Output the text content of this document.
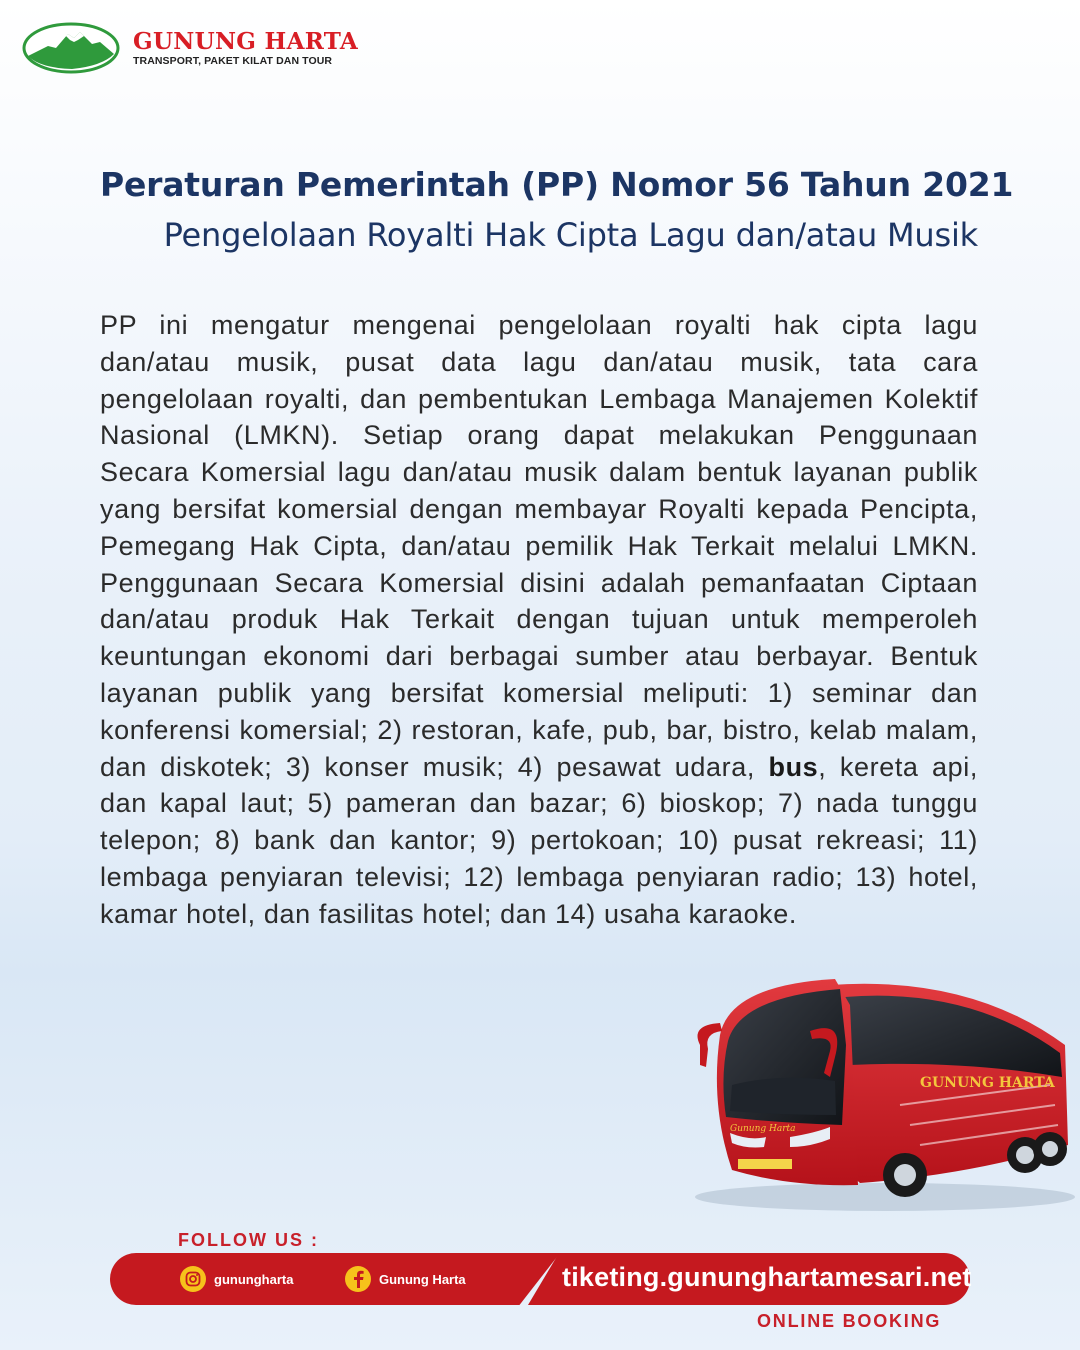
GUNUNG HARTA
TRANSPORT, PAKET KILAT DAN TOUR
Peraturan Pemerintah (PP) Nomor 56 Tahun 2021
Pengelolaan Royalti Hak Cipta Lagu dan/atau Musik

PP ini mengatur mengenai pengelolaan royalti hak cipta lagu dan/atau musik, pusat data lagu dan/atau musik, tata cara pengelolaan royalti, dan pembentukan Lembaga Manajemen Kolektif Nasional (LMKN). Setiap orang dapat melakukan Penggunaan Secara Komersial lagu dan/atau musik dalam bentuk layanan publik yang bersifat komersial dengan membayar Royalti kepada Pencipta, Pemegang Hak Cipta, dan/atau pemilik Hak Terkait melalui LMKN. Penggunaan Secara Komersial disini adalah pemanfaatan Ciptaan dan/atau produk Hak Terkait dengan tujuan untuk memperoleh keuntungan ekonomi dari berbagai sumber atau berbayar. Bentuk layanan publik yang bersifat komersial meliputi: 1) seminar dan konferensi komersial; 2) restoran, kafe, pub, bar, bistro, kelab malam, dan diskotek; 3) konser musik; 4) pesawat udara, bus, kereta api, dan kapal laut; 5) pameran dan bazar; 6) bioskop; 7) nada tunggu telepon; 8) bank dan kantor; 9) pertokoan; 10) pusat rekreasi; 11) lembaga penyiaran televisi; 12) lembaga penyiaran radio; 13) hotel, kamar hotel, dan fasilitas hotel; dan 14) usaha karaoke.

GUNUNG HARTA
Gunung Harta
FOLLOW US :
gunungharta	Gunung Harta	tiketing.gununghartamesari.net
ONLINE BOOKING
